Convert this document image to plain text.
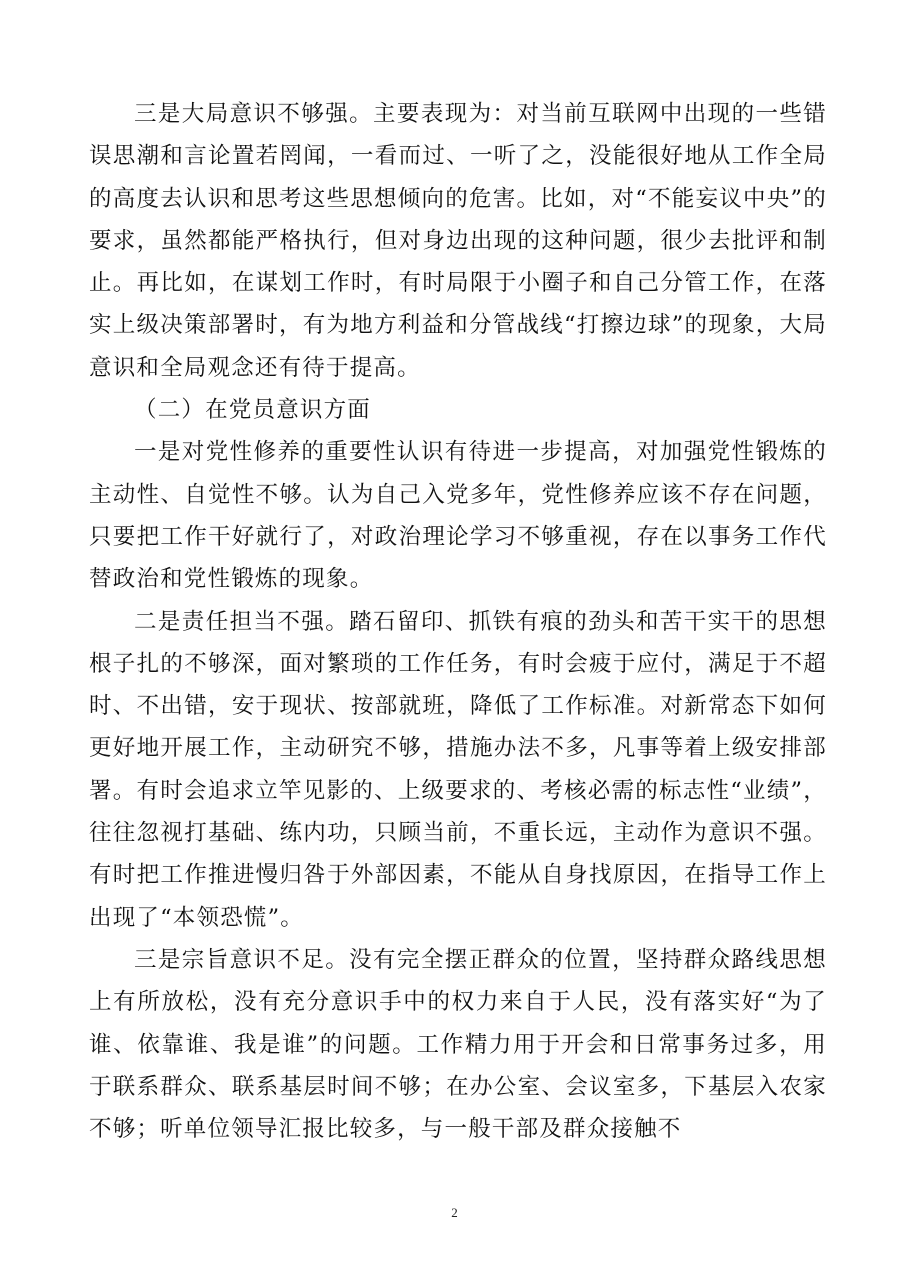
三是大局意识不够强。主要表现为：对当前互联网中出现的一些错误思潮和言论置若罔闻，一看而过、一听了之，没能很好地从工作全局的高度去认识和思考这些思想倾向的危害。比如，对“不能妄议中央”的要求，虽然都能严格执行，但对身边出现的这种问题，很少去批评和制止。再比如，在谋划工作时，有时局限于小圈子和自己分管工作，在落实上级决策部署时，有为地方利益和分管战线“打擦边球”的现象，大局意识和全局观念还有待于提高。

（二）在党员意识方面

一是对党性修养的重要性认识有待进一步提高，对加强党性锻炼的主动性、自觉性不够。认为自己入党多年，党性修养应该不存在问题，只要把工作干好就行了，对政治理论学习不够重视，存在以事务工作代替政治和党性锻炼的现象。

二是责任担当不强。踏石留印、抓铁有痕的劲头和苦干实干的思想根子扎的不够深，面对繁琐的工作任务，有时会疲于应付，满足于不超时、不出错，安于现状、按部就班，降低了工作标准。对新常态下如何更好地开展工作，主动研究不够，措施办法不多，凡事等着上级安排部署。有时会追求立竿见影的、上级要求的、考核必需的标志性“业绩”，往往忽视打基础、练内功，只顾当前，不重长远，主动作为意识不强。有时把工作推进慢归咎于外部因素，不能从自身找原因，在指导工作上出现了“本领恐慌”。

三是宗旨意识不足。没有完全摆正群众的位置，坚持群众路线思想上有所放松，没有充分意识手中的权力来自于人民，没有落实好“为了谁、依靠谁、我是谁”的问题。工作精力用于开会和日常事务过多，用于联系群众、联系基层时间不够；在办公室、会议室多，下基层入农家不够；听单位领导汇报比较多，与一般干部及群众接触不

2
